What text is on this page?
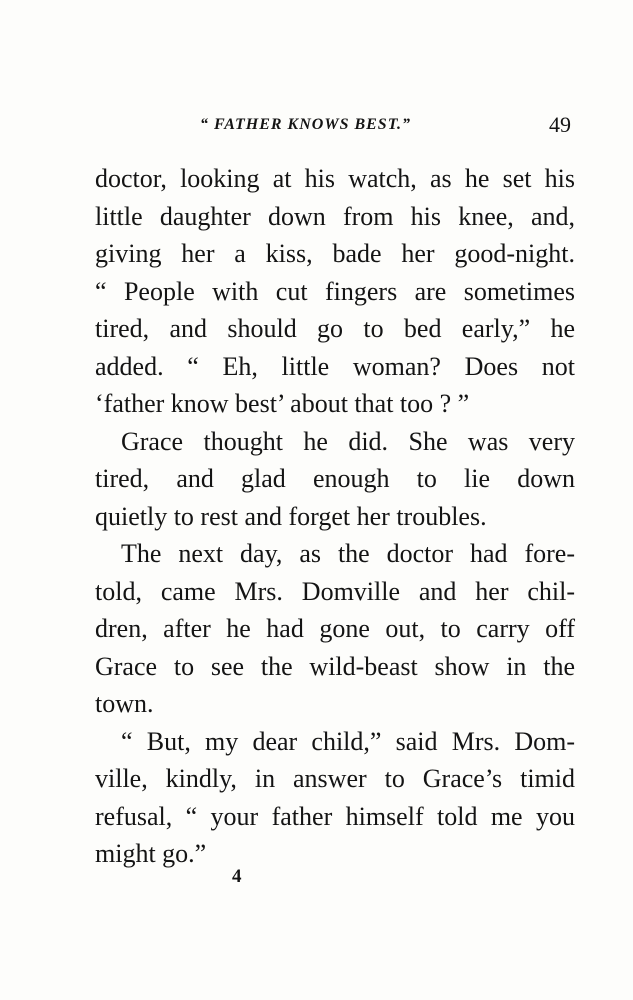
“ FATHER KNOWS BEST.”	49
doctor, looking at his watch, as he set his
little daughter down from his knee, and,
giving her a kiss, bade her good-night.
“ People with cut fingers are sometimes
tired, and should go to bed early,” he
added. “ Eh, little woman? Does not
‘father know best’ about that too ? ”
Grace thought he did. She was very
tired, and glad enough to lie down
quietly to rest and forget her troubles.
The next day, as the doctor had fore-
told, came Mrs. Domville and her chil-
dren, after he had gone out, to carry off
Grace to see the wild-beast show in the
town.
“ But, my dear child,” said Mrs. Dom-
ville, kindly, in answer to Grace’s timid
refusal, “ your father himself told me you
might go.”
4
